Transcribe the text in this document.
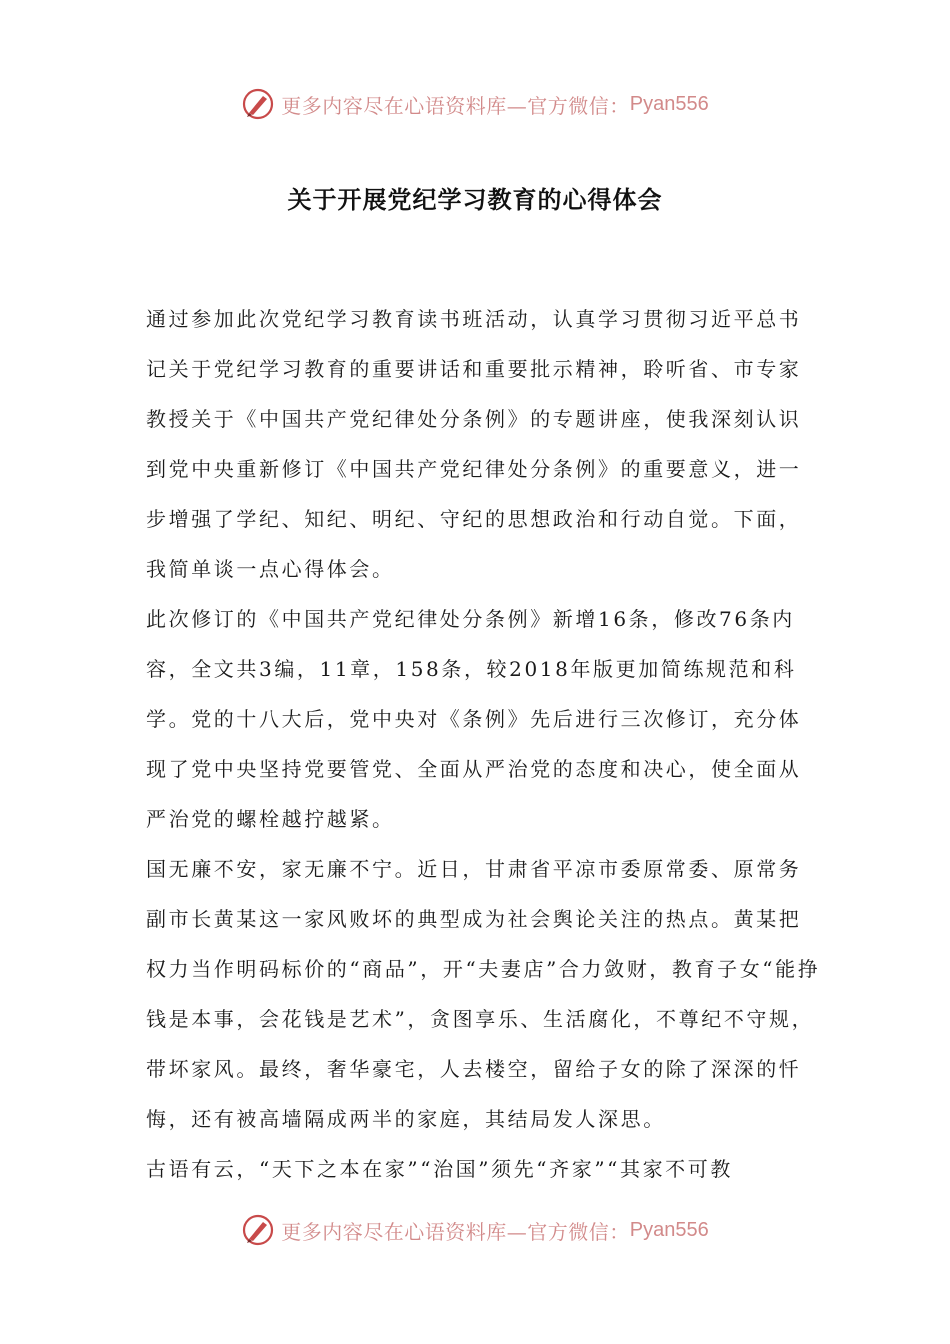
更多内容尽在心语资料库—官方微信： Pyan556
关于开展党纪学习教育的心得体会

通过参加此次党纪学习教育读书班活动，认真学习贯彻习近平总书记关于党纪学习教育的重要讲话和重要批示精神，聆听省、市专家教授关于《中国共产党纪律处分条例》的专题讲座，使我深刻认识到党中央重新修订《中国共产党纪律处分条例》的重要意义，进一步增强了学纪、知纪、明纪、守纪的思想政治和行动自觉。下面，我简单谈一点心得体会。

此次修订的《中国共产党纪律处分条例》新增16条，修改76条内容，全文共3编，11章，158条，较2018年版更加简练规范和科学。党的十八大后，党中央对《条例》先后进行三次修订，充分体现了党中央坚持党要管党、全面从严治党的态度和决心，使全面从严治党的螺栓越拧越紧。

国无廉不安，家无廉不宁。近日，甘肃省平凉市委原常委、原常务副市长黄某这一家风败坏的典型成为社会舆论关注的热点。黄某把权力当作明码标价的“商品”，开“夫妻店”合力敛财，教育子女“能挣钱是本事，会花钱是艺术”，贪图享乐、生活腐化，不尊纪不守规，带坏家风。最终，奢华豪宅，人去楼空，留给子女的除了深深的忏悔，还有被高墙隔成两半的家庭，其结局发人深思。

古语有云，“天下之本在家”“治国”须先“齐家”“其家不可教

更多内容尽在心语资料库—官方微信： Pyan556
